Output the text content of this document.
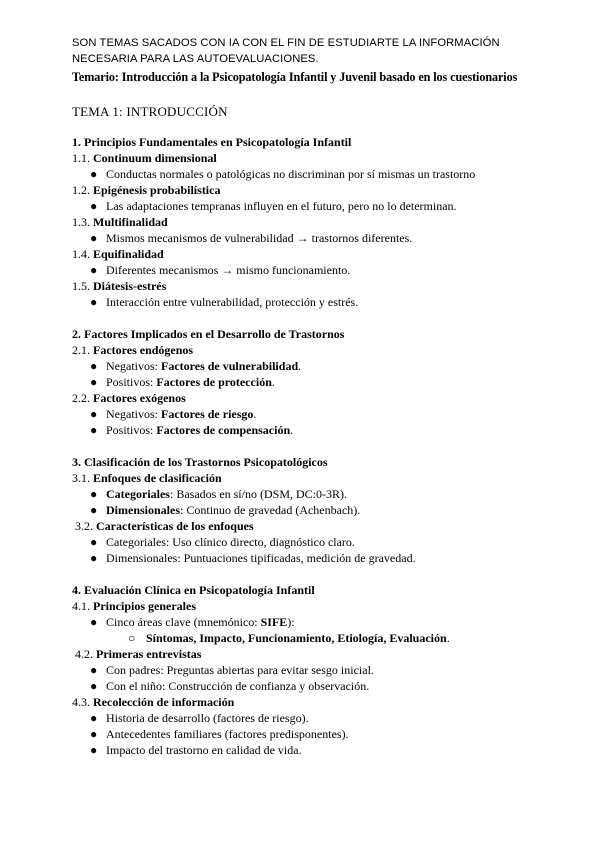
SON TEMAS SACADOS CON IA CON EL FIN DE ESTUDIARTE LA INFORMACIÓN NECESARIA PARA LAS AUTOEVALUACIONES.
Temario: Introducción a la Psicopatología Infantil y Juvenil basado en los cuestionarios
TEMA 1: INTRODUCCIÓN
1. Principios Fundamentales en Psicopatología Infantil
1.1. Continuum dimensional
● Conductas normales o patológicas no discriminan por sí mismas un trastorno
1.2. Epigénesis probabilística
● Las adaptaciones tempranas influyen en el futuro, pero no lo determinan.
1.3. Multifinalidad
● Mismos mecanismos de vulnerabilidad → trastornos diferentes.
1.4. Equifinalidad
● Diferentes mecanismos → mismo funcionamiento.
1.5. Diátesis-estrés
● Interacción entre vulnerabilidad, protección y estrés.
2. Factores Implicados en el Desarrollo de Trastornos
2.1. Factores endógenos
● Negativos: Factores de vulnerabilidad.
● Positivos: Factores de protección.
2.2. Factores exógenos
● Negativos: Factores de riesgo.
● Positivos: Factores de compensación.
3. Clasificación de los Trastornos Psicopatológicos
3.1. Enfoques de clasificación
● Categoriales: Basados en sí/no (DSM, DC:0-3R).
● Dimensionales: Continuo de gravedad (Achenbach).
3.2. Características de los enfoques
● Categoriales: Uso clínico directo, diagnóstico claro.
● Dimensionales: Puntuaciones tipificadas, medición de gravedad.
4. Evaluación Clínica en Psicopatología Infantil
4.1. Principios generales
● Cinco áreas clave (mnemónico: SIFE):
○ Síntomas, Impacto, Funcionamiento, Etiología, Evaluación.
4.2. Primeras entrevistas
● Con padres: Preguntas abiertas para evitar sesgo inicial.
● Con el niño: Construcción de confianza y observación.
4.3. Recolección de información
● Historia de desarrollo (factores de riesgo).
● Antecedentes familiares (factores predisponentes).
● Impacto del trastorno en calidad de vida.
